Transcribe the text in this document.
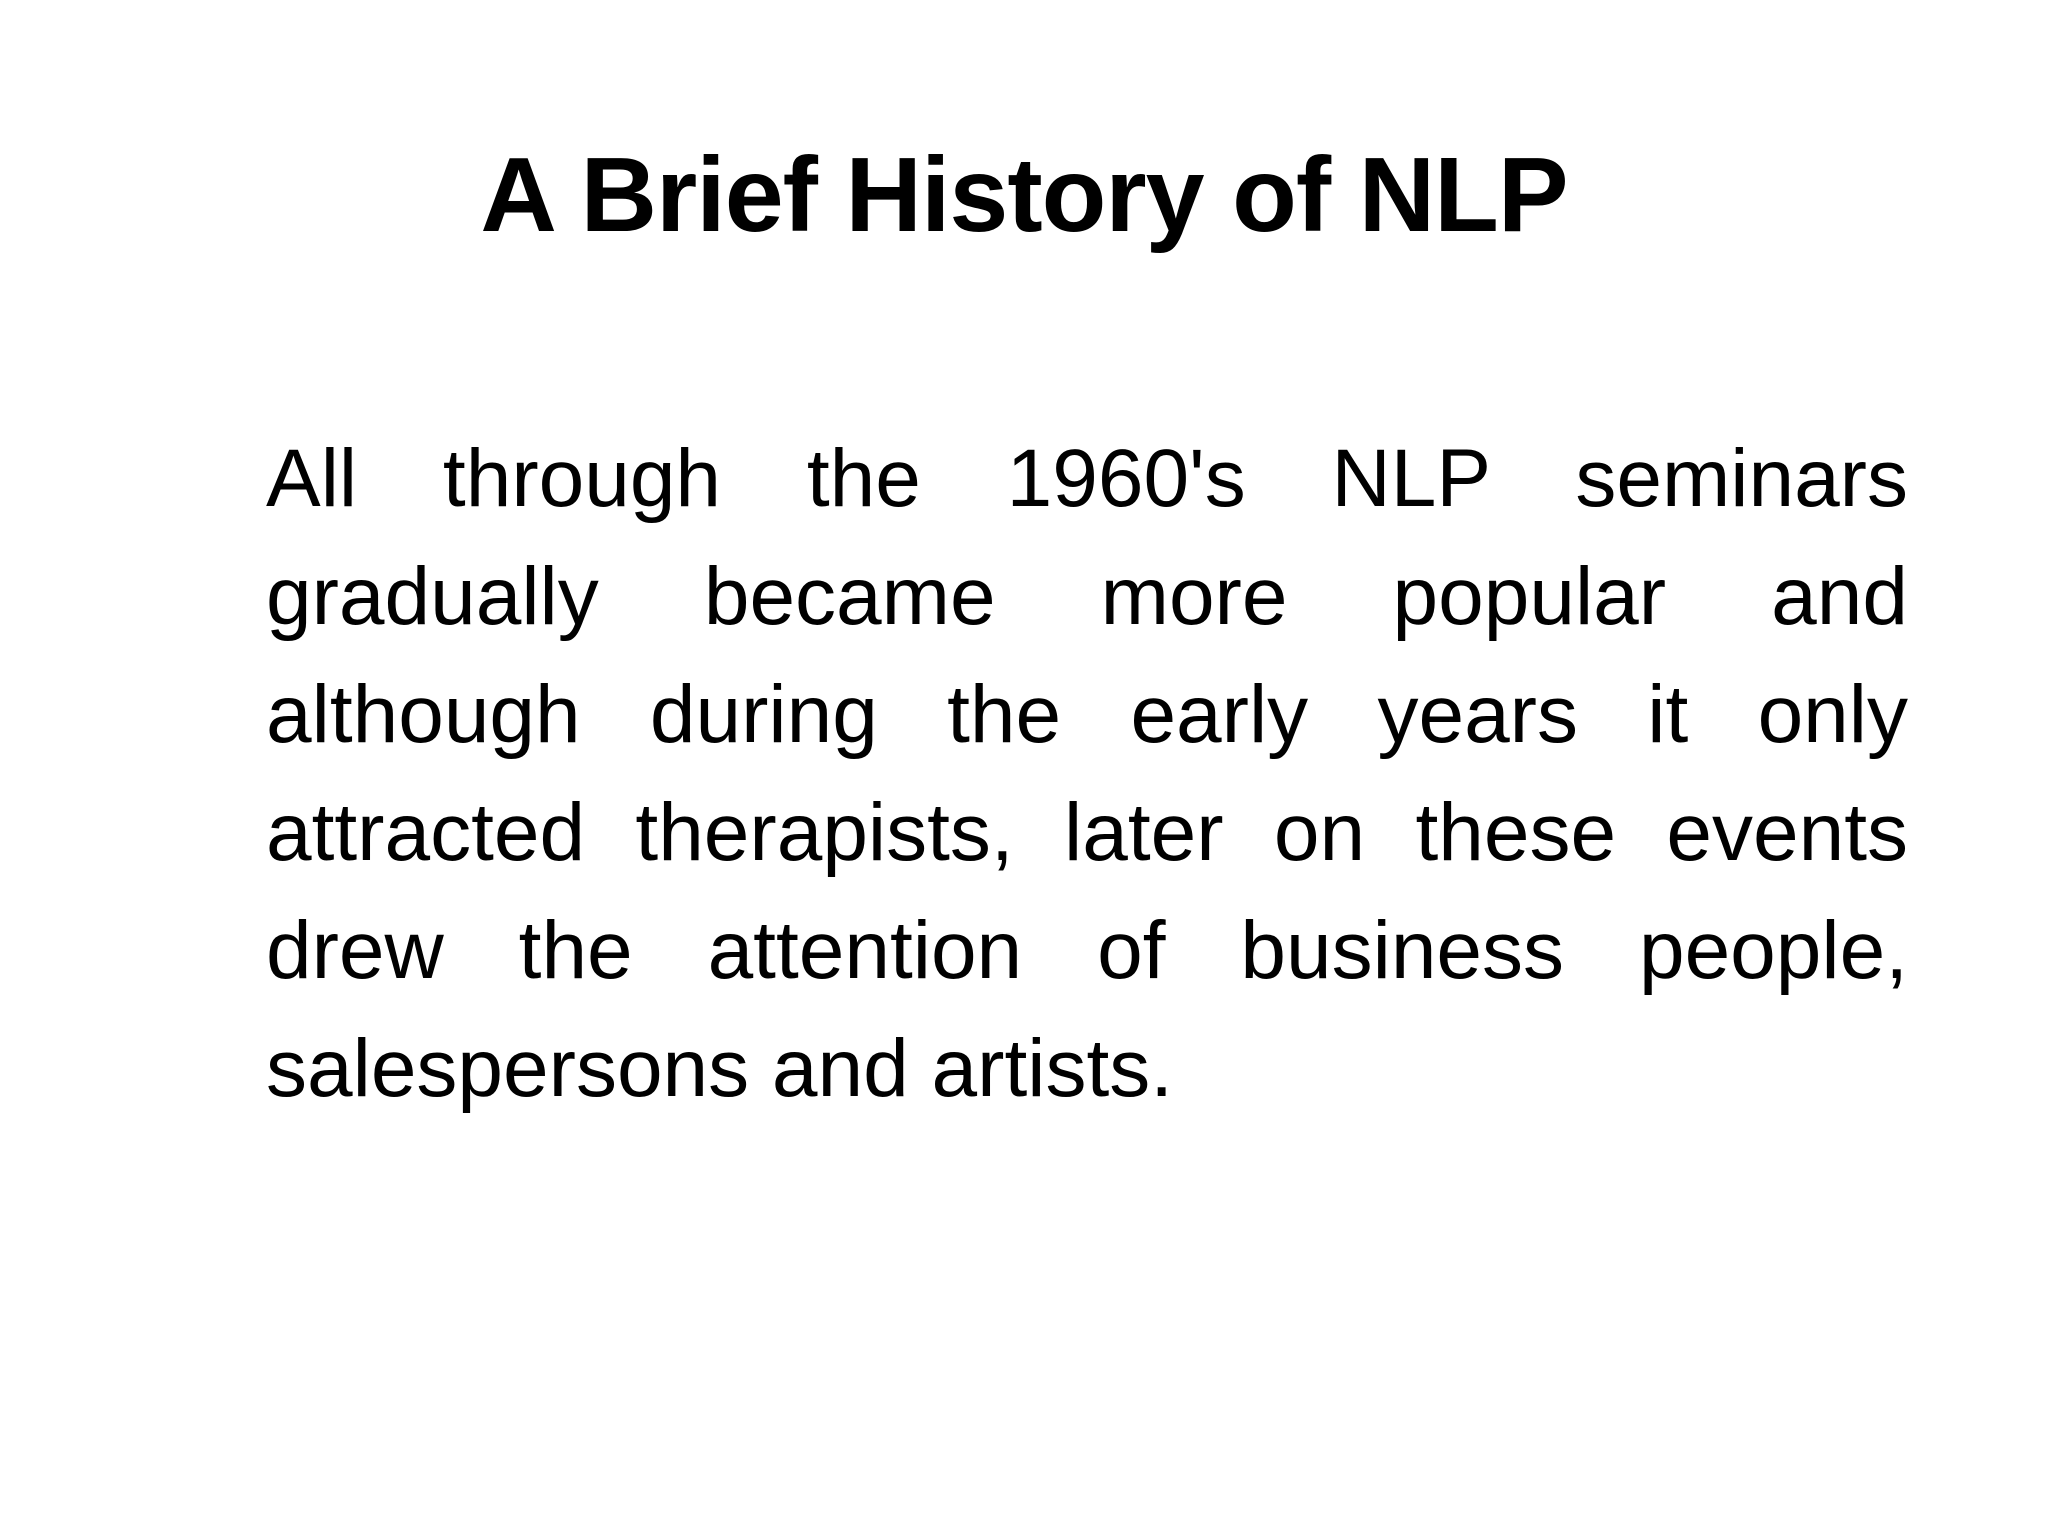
A Brief History of NLP

All through the 1960's NLP seminars gradually became more popular and although during the early years it only attracted therapists, later on these events drew the attention of business people, salespersons and artists.
